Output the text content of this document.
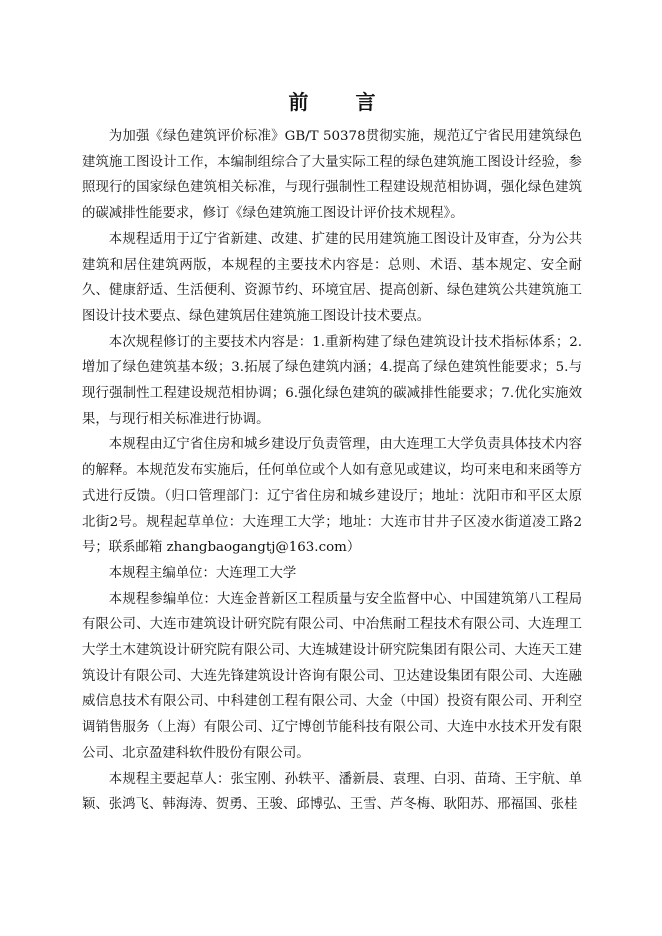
前 言

为加强《绿色建筑评价标准》GB/T 50378贯彻实施，规范辽宁省民用建筑绿色建筑施工图设计工作，本编制组综合了大量实际工程的绿色建筑施工图设计经验，参照现行的国家绿色建筑相关标准，与现行强制性工程建设规范相协调，强化绿色建筑的碳减排性能要求，修订《绿色建筑施工图设计评价技术规程》。

本规程适用于辽宁省新建、改建、扩建的民用建筑施工图设计及审查，分为公共建筑和居住建筑两版，本规程的主要技术内容是：总则、术语、基本规定、安全耐久、健康舒适、生活便利、资源节约、环境宜居、提高创新、绿色建筑公共建筑施工图设计技术要点、绿色建筑居住建筑施工图设计技术要点。

本次规程修订的主要技术内容是：1.重新构建了绿色建筑设计技术指标体系；2.增加了绿色建筑基本级；3.拓展了绿色建筑内涵；4.提高了绿色建筑性能要求；5.与现行强制性工程建设规范相协调；6.强化绿色建筑的碳减排性能要求；7.优化实施效果，与现行相关标准进行协调。

本规程由辽宁省住房和城乡建设厅负责管理，由大连理工大学负责具体技术内容的解释。本规范发布实施后，任何单位或个人如有意见或建议，均可来电和来函等方式进行反馈。（归口管理部门：辽宁省住房和城乡建设厅；地址：沈阳市和平区太原北街2号。规程起草单位：大连理工大学；地址：大连市甘井子区凌水街道凌工路2号；联系邮箱 zhangbaogangtj@163.com）

本规程主编单位：大连理工大学

本规程参编单位：大连金普新区工程质量与安全监督中心、中国建筑第八工程局有限公司、大连市建筑设计研究院有限公司、中冶焦耐工程技术有限公司、大连理工大学土木建筑设计研究院有限公司、大连城建设计研究院集团有限公司、大连天工建筑设计有限公司、大连先锋建筑设计咨询有限公司、卫达建设集团有限公司、大连融威信息技术有限公司、中科建创工程有限公司、大金（中国）投资有限公司、开利空调销售服务（上海）有限公司、辽宁博创节能科技有限公司、大连中水技术开发有限公司、北京盈建科软件股份有限公司。

本规程主要起草人：张宝刚、孙轶平、潘新晨、袁理、白羽、苗琦、王宇航、单颖、张鸿飞、韩海涛、贺勇、王骏、邱博弘、王雪、芦冬梅、耿阳苏、邢福国、张桂
